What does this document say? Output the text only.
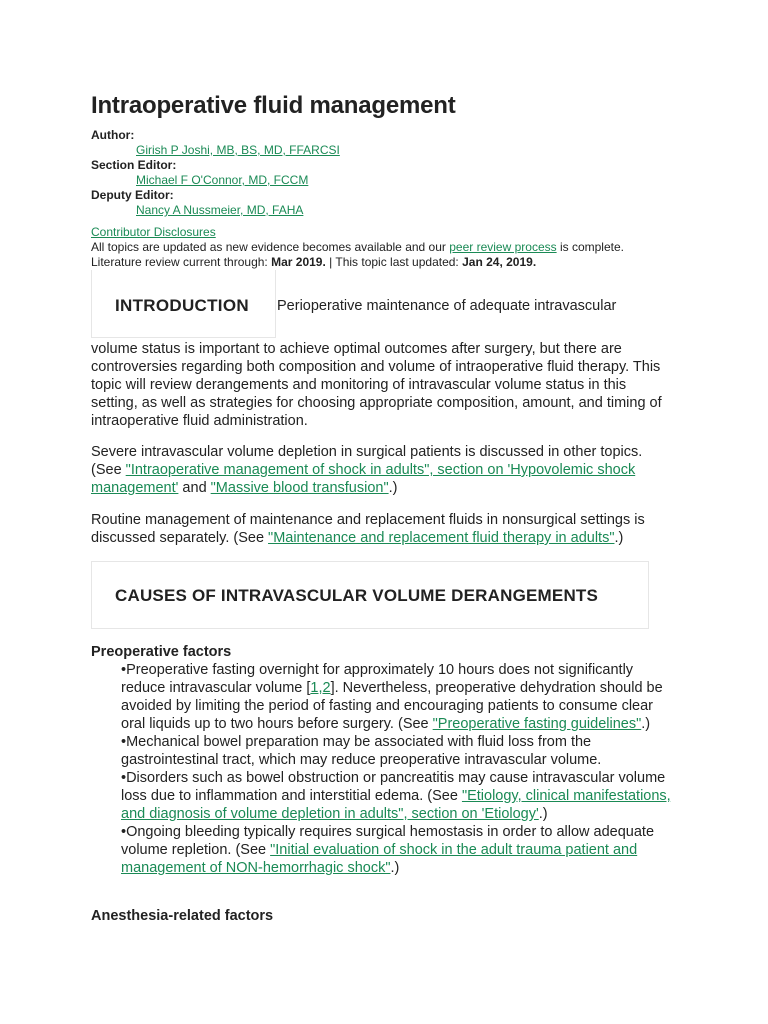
Intraoperative fluid management
Author:
Girish P Joshi, MB, BS, MD, FFARCSI
Section Editor:
Michael F O'Connor, MD, FCCM
Deputy Editor:
Nancy A Nussmeier, MD, FAHA
Contributor Disclosures
All topics are updated as new evidence becomes available and our peer review process is complete.
Literature review current through: Mar 2019. | This topic last updated: Jan 24, 2019.
INTRODUCTION Perioperative maintenance of adequate intravascular

volume status is important to achieve optimal outcomes after surgery, but there are controversies regarding both composition and volume of intraoperative fluid therapy. This topic will review derangements and monitoring of intravascular volume status in this setting, as well as strategies for choosing appropriate composition, amount, and timing of intraoperative fluid administration.

Severe intravascular volume depletion in surgical patients is discussed in other topics. (See "Intraoperative management of shock in adults", section on 'Hypovolemic shock management' and "Massive blood transfusion".)

Routine management of maintenance and replacement fluids in nonsurgical settings is discussed separately. (See "Maintenance and replacement fluid therapy in adults".)

CAUSES OF INTRAVASCULAR VOLUME DERANGEMENTS
Preoperative factors

•Preoperative fasting overnight for approximately 10 hours does not significantly reduce intravascular volume [1,2]. Nevertheless, preoperative dehydration should be avoided by limiting the period of fasting and encouraging patients to consume clear oral liquids up to two hours before surgery. (See "Preoperative fasting guidelines".)

•Mechanical bowel preparation may be associated with fluid loss from the gastrointestinal tract, which may reduce preoperative intravascular volume.

•Disorders such as bowel obstruction or pancreatitis may cause intravascular volume loss due to inflammation and interstitial edema. (See "Etiology, clinical manifestations, and diagnosis of volume depletion in adults", section on 'Etiology'.)

•Ongoing bleeding typically requires surgical hemostasis in order to allow adequate volume repletion. (See "Initial evaluation of shock in the adult trauma patient and management of NON-hemorrhagic shock".)

Anesthesia-related factors
